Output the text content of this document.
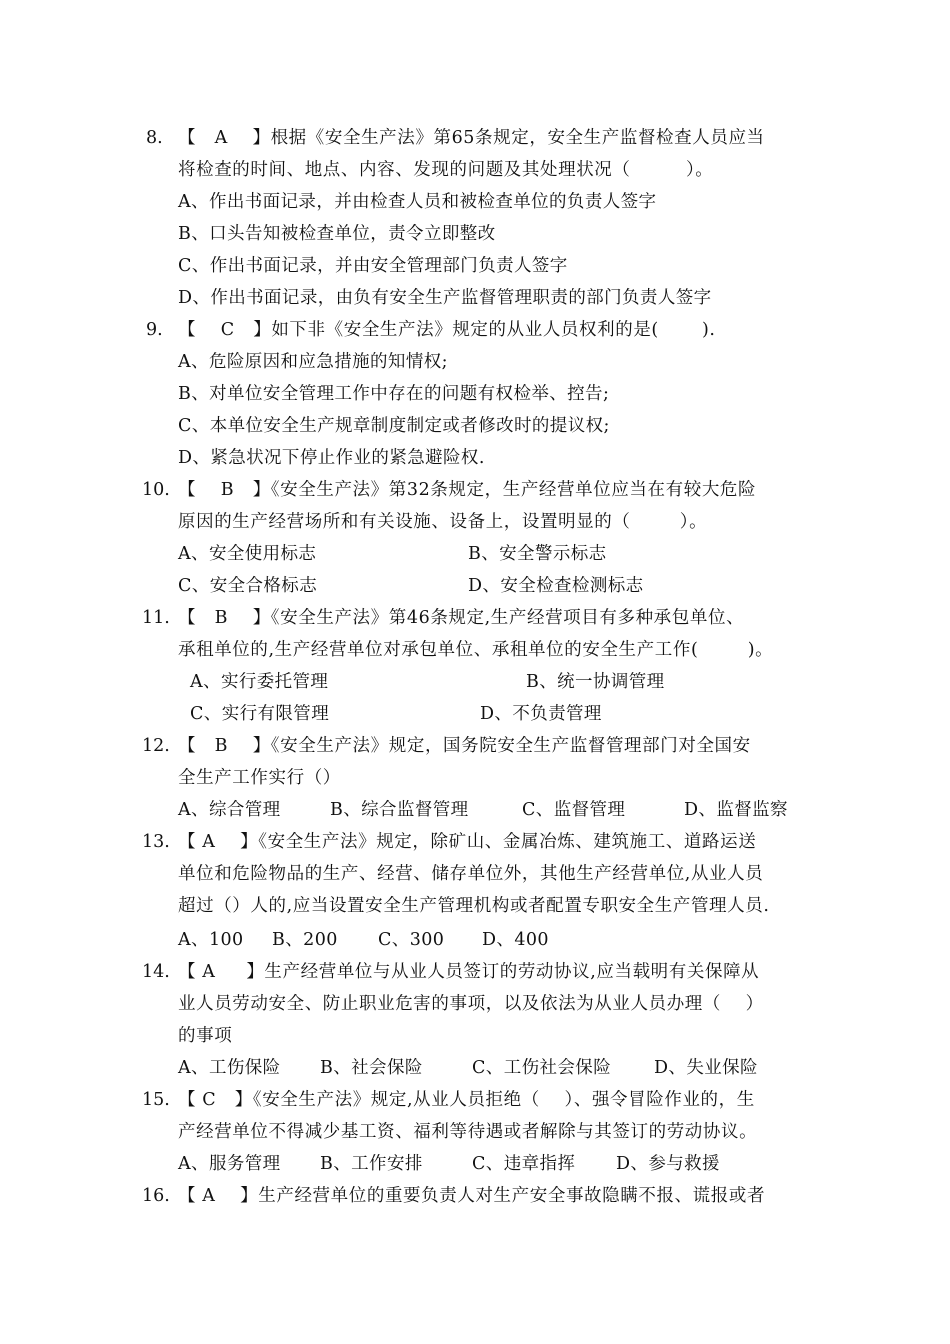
8. 【   A    】根据《安全生产法》第65条规定，安全生产监督检查人员应当
将检查的时间、地点、内容、发现的问题及其处理状况（         ）。
A、作出书面记录，并由检查人员和被检查单位的负责人签字
B、口头告知被检查单位，责令立即整改
C、作出书面记录，并由安全管理部门负责人签字
D、作出书面记录，由负有安全生产监督管理职责的部门负责人签字
9. 【    C   】如下非《安全生产法》规定的从业人员权利的是(       ).
A、危险原因和应急措施的知情权;
B、对单位安全管理工作中存在的问题有权检举、控告;
C、本单位安全生产规章制度制定或者修改时的提议权;
D、紧急状况下停止作业的紧急避险权.
10. 【    B   】《安全生产法》第32条规定，生产经营单位应当在有较大危险
原因的生产经营场所和有关设施、设备上，设置明显的（        ）。
A、安全使用标志	B、安全警示标志
C、安全合格标志	D、安全检查检测标志
11. 【   B    】《安全生产法》第46条规定,生产经营项目有多种承包单位、
承租单位的,生产经营单位对承包单位、承租单位的安全生产工作(        )。
A、实行委托管理	B、统一协调管理
C、实行有限管理	D、不负责管理
12. 【   B    】《安全生产法》规定，国务院安全生产监督管理部门对全国安
全生产工作实行（）
A、综合管理	B、综合监督管理	C、监督管理	D、监督监察
13. 【 A    】《安全生产法》规定，除矿山、金属冶炼、建筑施工、道路运送
单位和危险物品的生产、经营、储存单位外，其他生产经营单位,从业人员
超过（）人的,应当设置安全生产管理机构或者配置专职安全生产管理人员.
A、100 B、200 C、300 D、400
14. 【 A     】生产经营单位与从业人员签订的劳动协议,应当载明有关保障从
业人员劳动安全、防止职业危害的事项，以及依法为从业人员办理（    ）
的事项
A、工伤保险 B、社会保险	C、工伤社会保险 D、失业保险
15. 【 C   】《安全生产法》规定,从业人员拒绝（    ）、强令冒险作业的，生
产经营单位不得减少基工资、福利等待遇或者解除与其签订的劳动协议。
A、服务管理 B、工作安排	C、违章指挥 D、参与救援
16. 【 A    】生产经营单位的重要负责人对生产安全事故隐瞒不报、谎报或者
